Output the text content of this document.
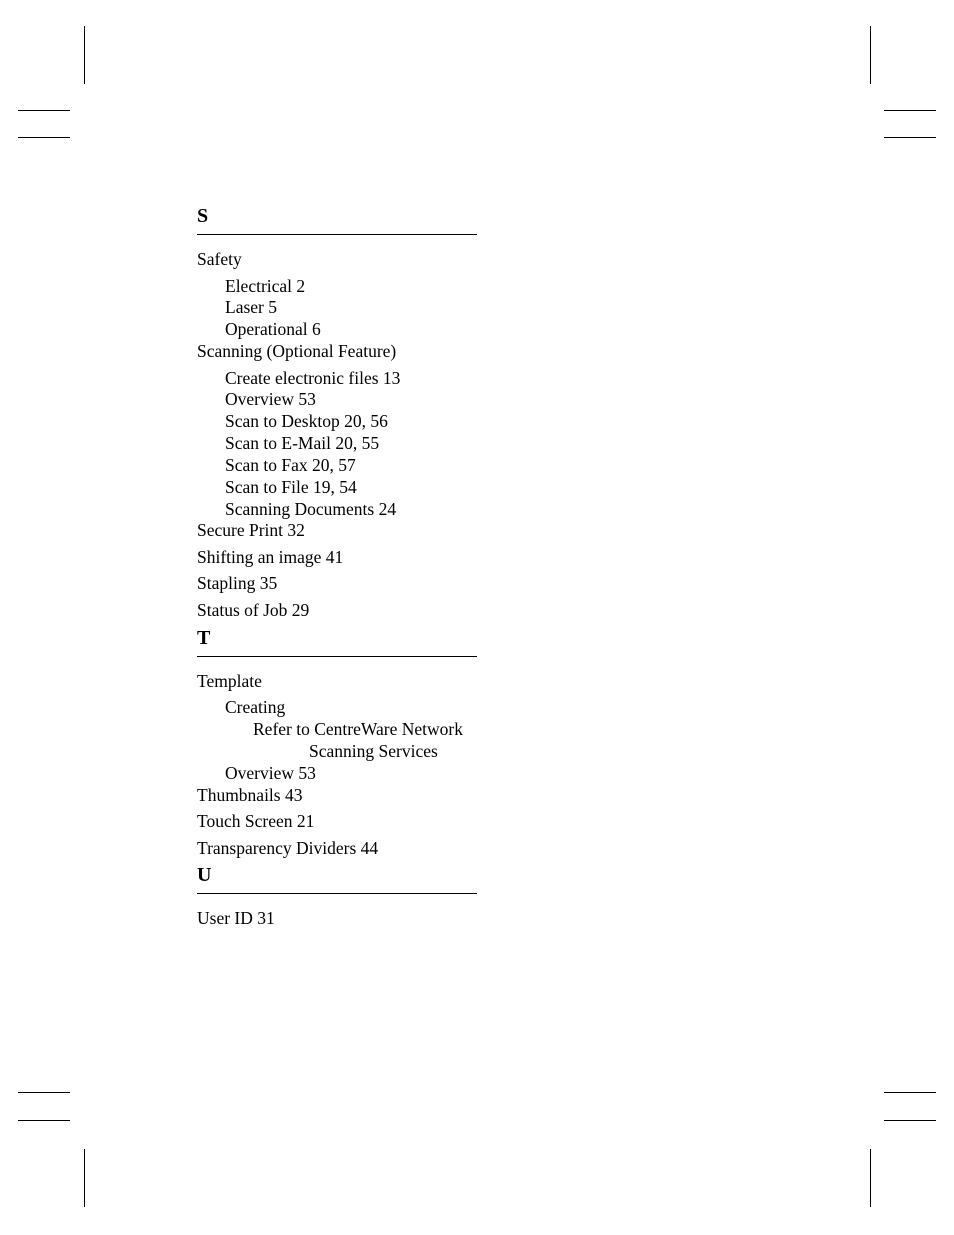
S
Safety
Electrical 2
Laser 5
Operational 6
Scanning (Optional Feature)
Create electronic files 13
Overview 53
Scan to Desktop 20, 56
Scan to E-Mail 20, 55
Scan to Fax 20, 57
Scan to File 19, 54
Scanning Documents 24
Secure Print 32
Shifting an image 41
Stapling 35
Status of Job 29
T
Template
Creating
Refer to CentreWare Network
Scanning Services
Overview 53
Thumbnails 43
Touch Screen 21
Transparency Dividers 44
U
User ID 31
